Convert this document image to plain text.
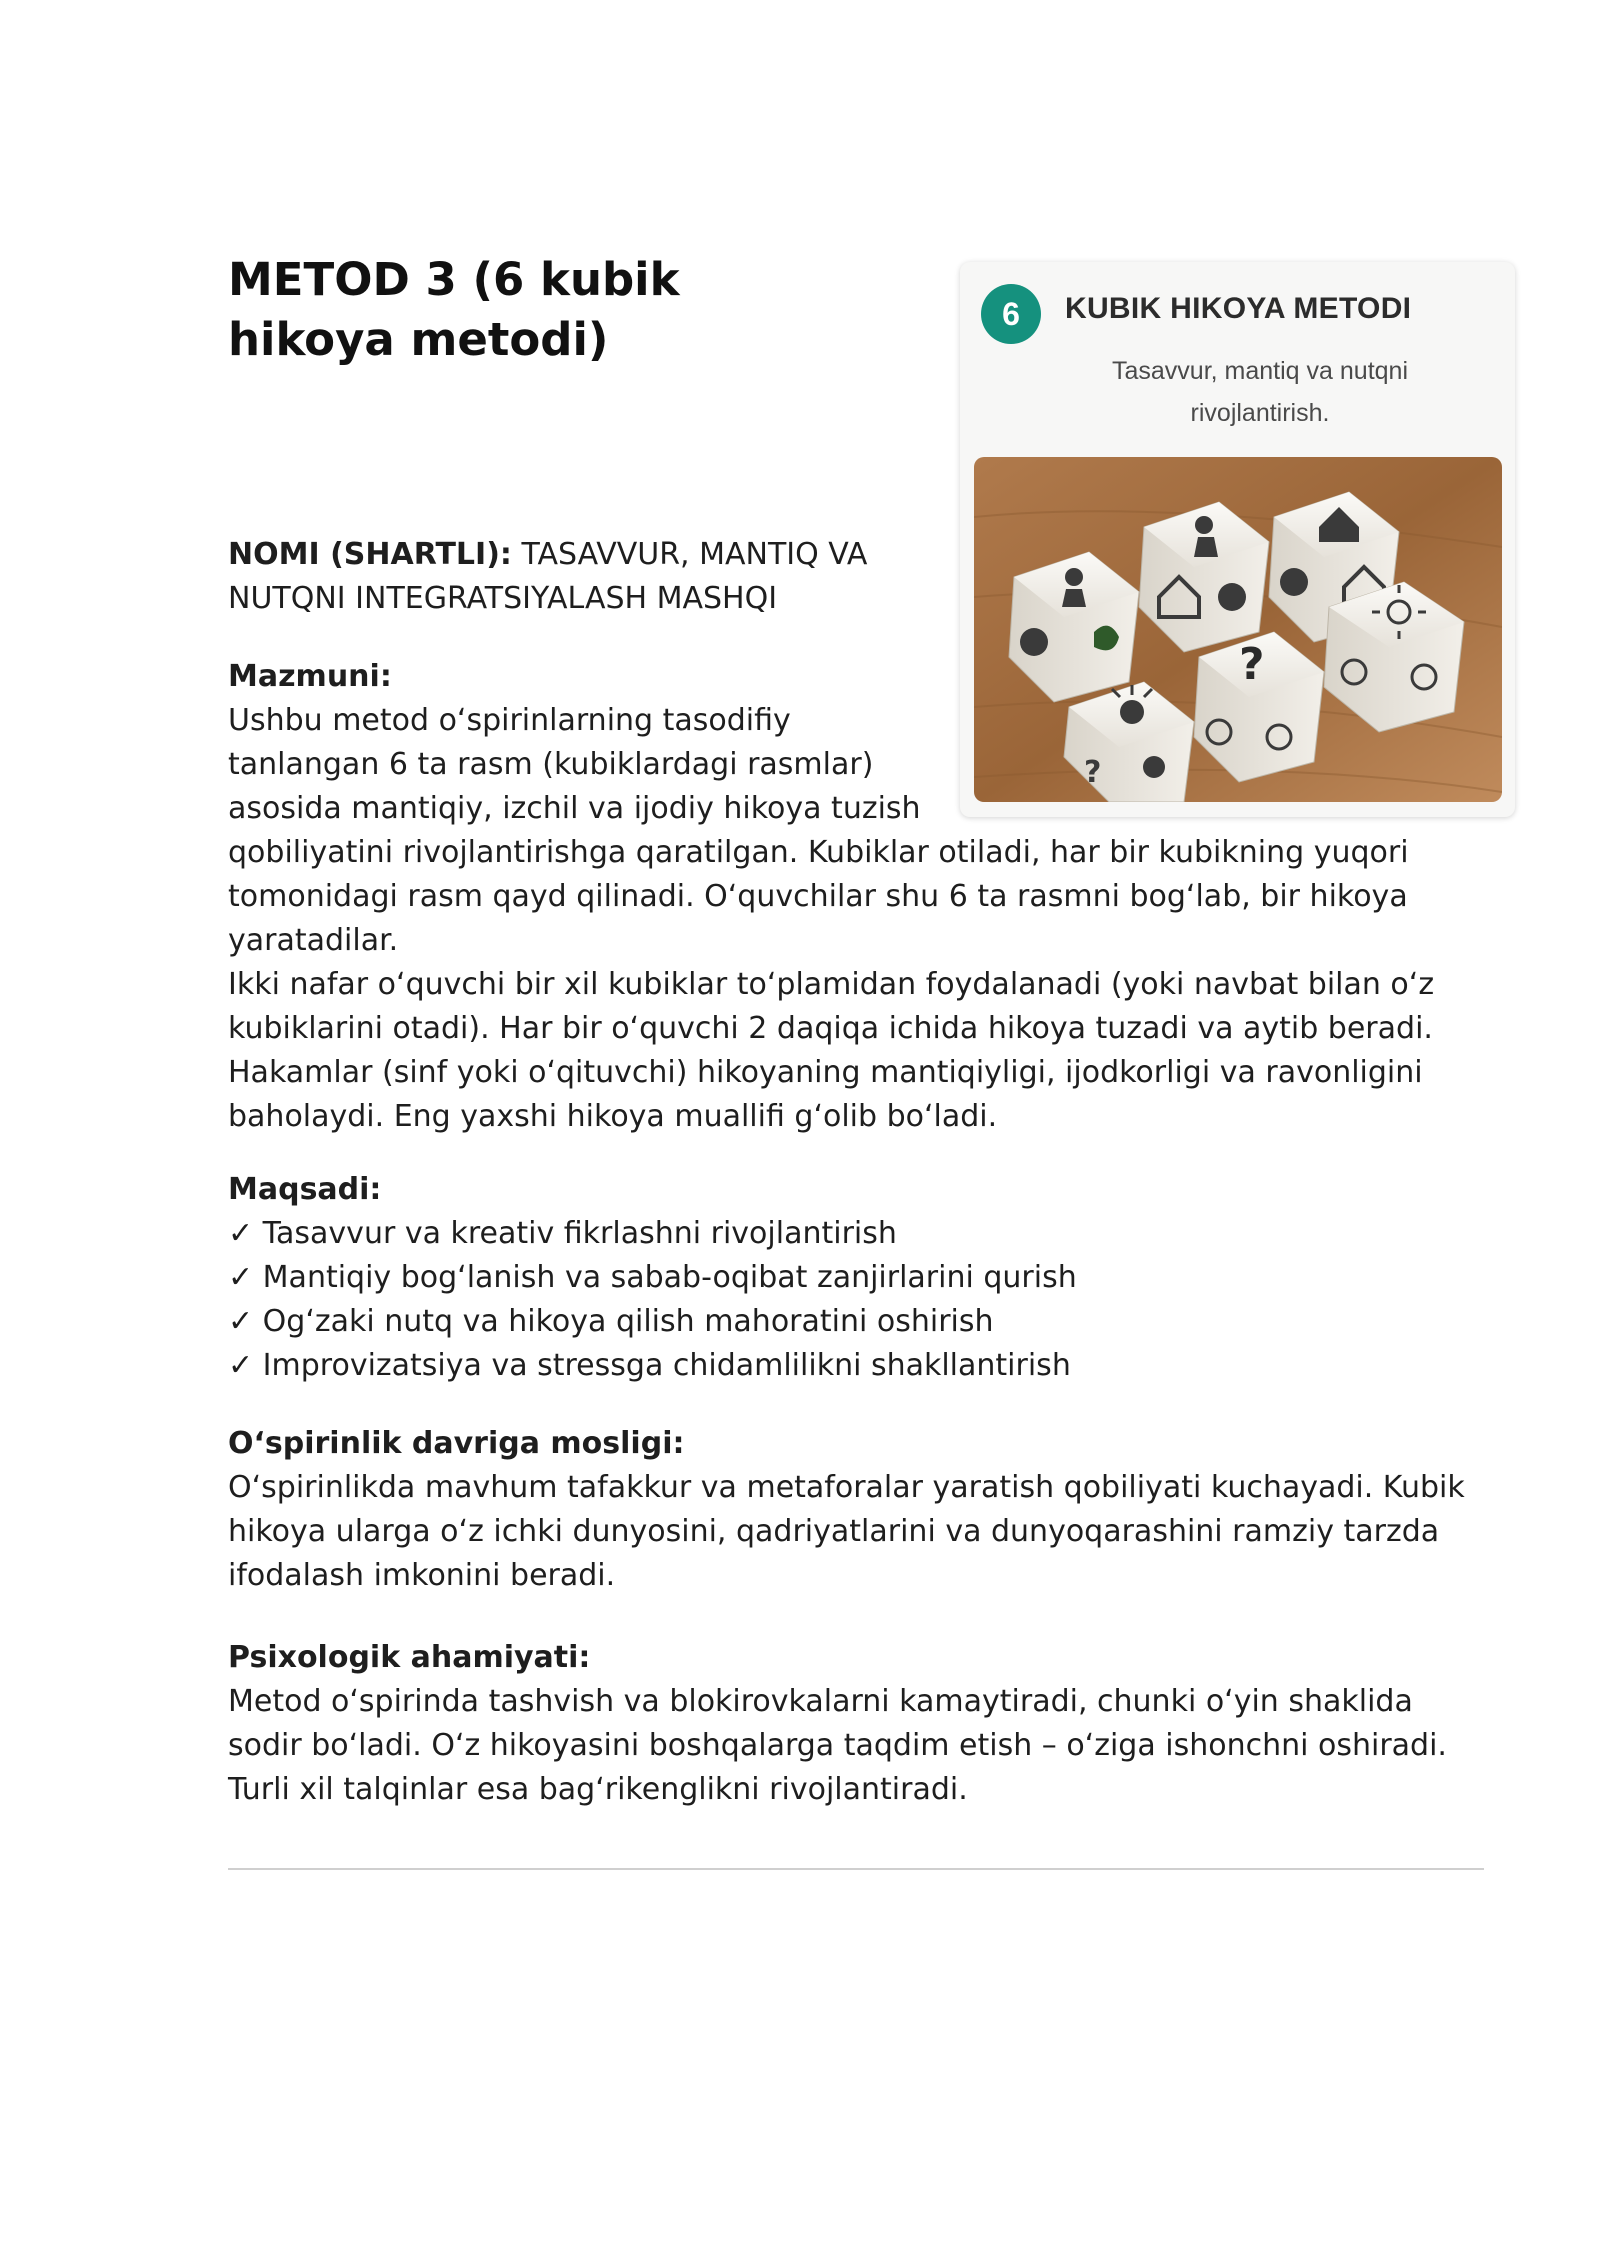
METOD 3 (6 kubik hikoya metodi)	6	KUBIK HIKOYA METODI
Tasavvur, mantiq va nutqni rivojlantirish.
?
?
NOMI (SHARTLI): TASAVVUR, MANTIQ VA NUTQNI INTEGRATSIYALASH MASHQI
Mazmuni:
Ushbu metod o‘spirinlarning tasodifiy
tanlangan 6 ta rasm (kubiklardagi rasmlar)
asosida mantiqiy, izchil va ijodiy hikoya tuzish
qobiliyatini rivojlantirishga qaratilgan. Kubiklar otiladi, har bir kubikning yuqori
tomonidagi rasm qayd qilinadi. O‘quvchilar shu 6 ta rasmni bog‘lab, bir hikoya
yaratadilar.
Ikki nafar o‘quvchi bir xil kubiklar to‘plamidan foydalanadi (yoki navbat bilan o‘z
kubiklarini otadi). Har bir o‘quvchi 2 daqiqa ichida hikoya tuzadi va aytib beradi.
Hakamlar (sinf yoki o‘qituvchi) hikoyaning mantiqiyligi, ijodkorligi va ravonligini
baholaydi. Eng yaxshi hikoya muallifi g‘olib bo‘ladi.
Maqsadi:
✓ Tasavvur va kreativ fikrlashni rivojlantirish
✓ Mantiqiy bog‘lanish va sabab-oqibat zanjirlarini qurish
✓ Og‘zaki nutq va hikoya qilish mahoratini oshirish
✓ Improvizatsiya va stressga chidamlilikni shakllantirish
O‘spirinlik davriga mosligi:
O‘spirinlikda mavhum tafakkur va metaforalar yaratish qobiliyati kuchayadi. Kubik
hikoya ularga o‘z ichki dunyosini, qadriyatlarini va dunyoqarashini ramziy tarzda
ifodalash imkonini beradi.
Psixologik ahamiyati:
Metod o‘spirinda tashvish va blokirovkalarni kamaytiradi, chunki o‘yin shaklida
sodir bo‘ladi. O‘z hikoyasini boshqalarga taqdim etish – o‘ziga ishonchni oshiradi.
Turli xil talqinlar esa bag‘rikenglikni rivojlantiradi.
